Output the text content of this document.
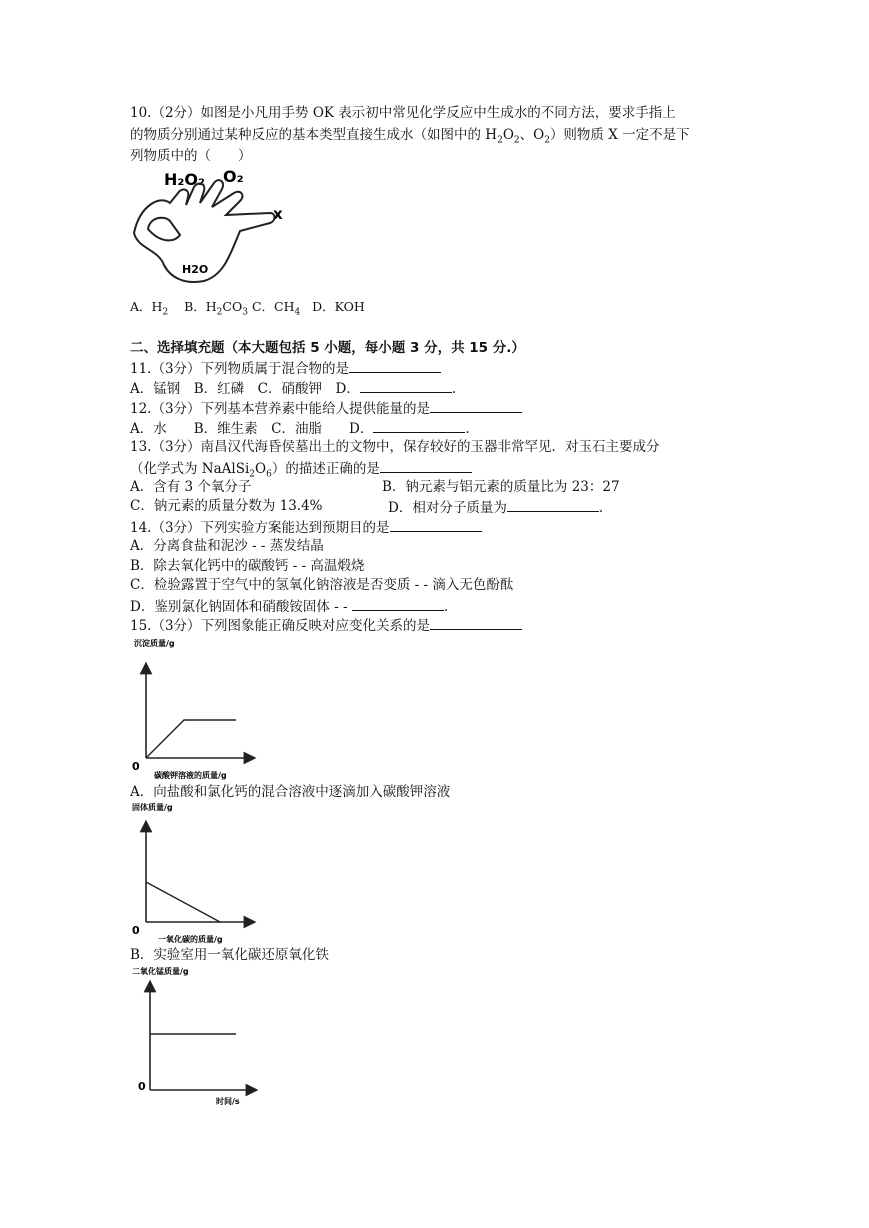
10.（2分）如图是小凡用手势 OK 表示初中常见化学反应中生成水的不同方法，要求手指上
的物质分别通过某种反应的基本类型直接生成水（如图中的 $H_2O_2$、$O_2$）则物质 X 一定不是下
列物质中的（　　）
H₂O₂ O₂
x
H2O
A．$H_2$ B．$H_2CO_3$ C．$CH_4$ D．KOH
二、选择填充题（本大题包括 5 小题，每小题 3 分，共 15 分.）
11.（3分）下列物质属于混合物的是
A．锰钢　B．红磷　C．硝酸钾　D．	.
12.（3分）下列基本营养素中能给人提供能量的是
A．水　　B．维生素　C．油脂　　D．	.
13.（3分）南昌汉代海昏侯墓出土的文物中，保存较好的玉器非常罕见．对玉石主要成分
（化学式为 $NaAlSi_2O_6$）的描述正确的是
A．含有 3 个氧分子	B．钠元素与铝元素的质量比为 23：27
C．钠元素的质量分数为 13.4%	D．相对分子质量为	.
14.（3分）下列实验方案能达到预期目的是
A．分离食盐和泥沙 - - 蒸发结晶
B．除去氧化钙中的碳酸钙 - - 高温煅烧
C．检验露置于空气中的氢氧化钠溶液是否变质 - - 滴入无色酚酞
D．鉴别氯化钠固体和硝酸铵固体 - -	.
15.（3分）下列图象能正确反映对应变化关系的是
沉淀质量/g
0
碳酸钾溶液的质量/g
A．向盐酸和氯化钙的混合溶液中逐滴加入碳酸钾溶液
固体质量/g
0
一氧化碳的质量/g
B．实验室用一氧化碳还原氧化铁
二氧化锰质量/g
0
时间/s
